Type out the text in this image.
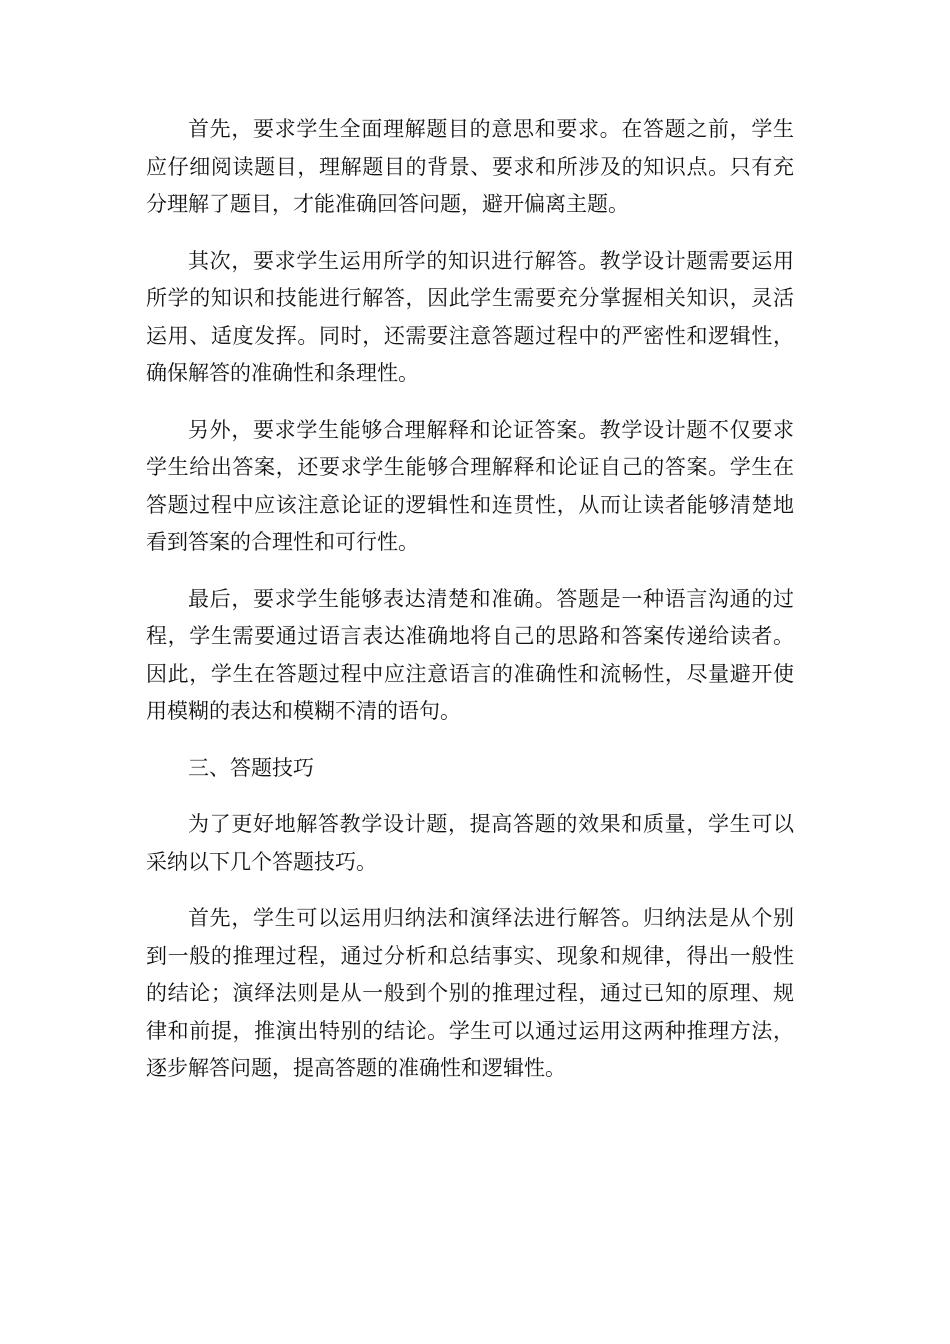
首先，要求学生全面理解题目的意思和要求。在答题之前，学生应仔细阅读题目，理解题目的背景、要求和所涉及的知识点。只有充分理解了题目，才能准确回答问题，避开偏离主题。

其次，要求学生运用所学的知识进行解答。教学设计题需要运用所学的知识和技能进行解答，因此学生需要充分掌握相关知识，灵活运用、适度发挥。同时，还需要注意答题过程中的严密性和逻辑性，确保解答的准确性和条理性。

另外，要求学生能够合理解释和论证答案。教学设计题不仅要求学生给出答案，还要求学生能够合理解释和论证自己的答案。学生在答题过程中应该注意论证的逻辑性和连贯性，从而让读者能够清楚地看到答案的合理性和可行性。

最后，要求学生能够表达清楚和准确。答题是一种语言沟通的过程，学生需要通过语言表达准确地将自己的思路和答案传递给读者。因此，学生在答题过程中应注意语言的准确性和流畅性，尽量避开使用模糊的表达和模糊不清的语句。

三、答题技巧

为了更好地解答教学设计题，提高答题的效果和质量，学生可以采纳以下几个答题技巧。

首先，学生可以运用归纳法和演绎法进行解答。归纳法是从个别到一般的推理过程，通过分析和总结事实、现象和规律，得出一般性的结论；演绎法则是从一般到个别的推理过程，通过已知的原理、规律和前提，推演出特别的结论。学生可以通过运用这两种推理方法，逐步解答问题，提高答题的准确性和逻辑性。
